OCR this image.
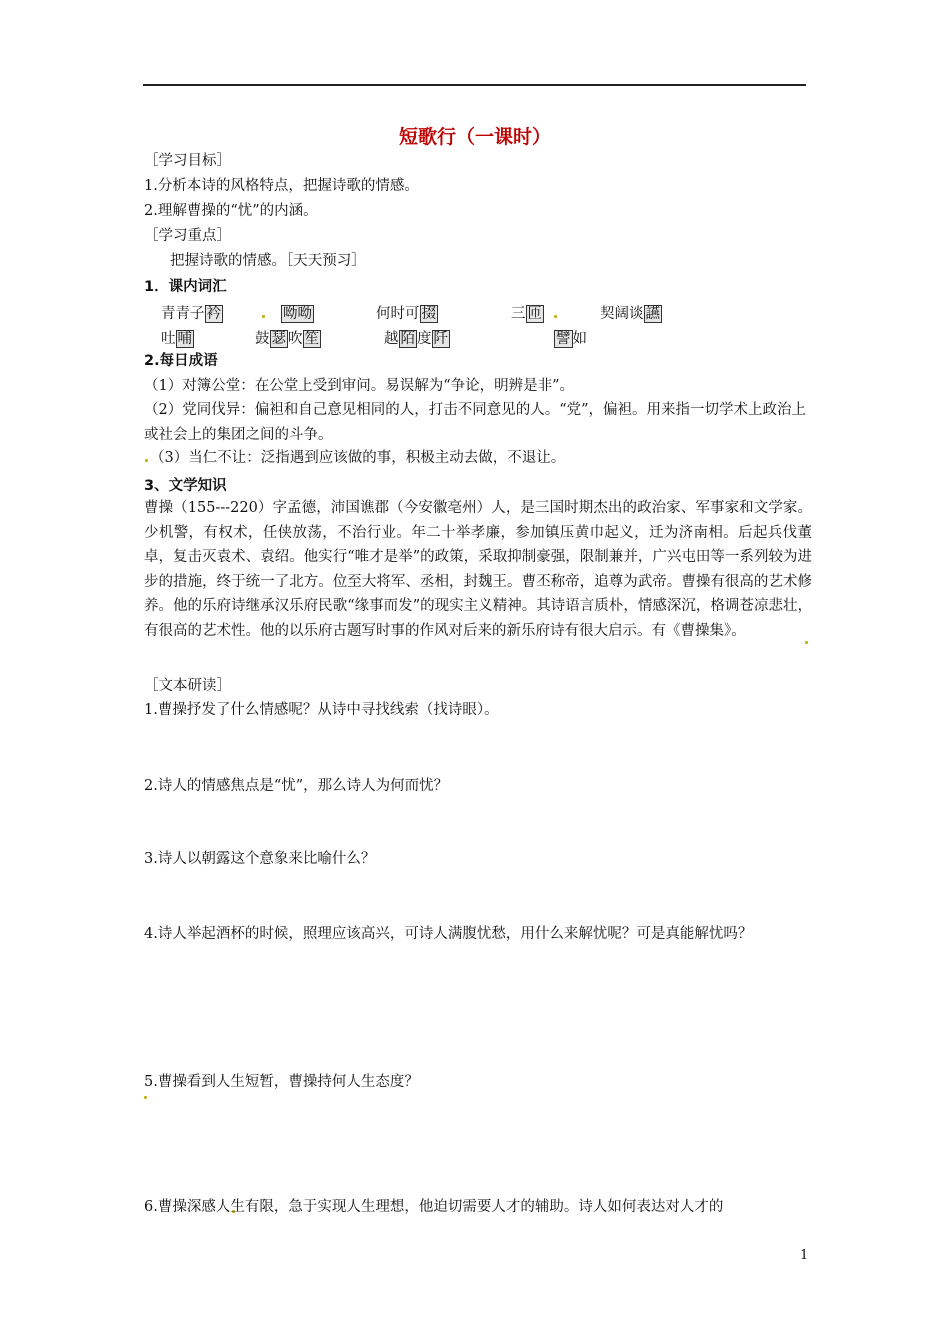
短歌行（一课时）
［学习目标］
1.分析本诗的风格特点，把握诗歌的情感。
2.理解曹操的“忧”的内涵。
［学习重点］
把握诗歌的情感。［天天预习］
1．课内词汇
青青子 衿	呦呦	何时可 掇	三 匝	契阔谈 讌
吐 哺	鼓 瑟 吹 笙	越 陌 度 阡	譬 如
2.每日成语
（1）对簿公堂：在公堂上受到审问。易误解为“争论，明辨是非”。
（2）党同伐异：偏袒和自己意见相同的人，打击不同意见的人。“党”，偏袒。用来指一切学术上政治上或社会上的集团之间的斗争。
（3）当仁不让：泛指遇到应该做的事，积极主动去做，不退让。
3、文学知识
曹操（155---220）字孟德，沛国谯郡（今安徽亳州）人，是三国时期杰出的政治家、军事家和文学家。少机警，有权术，任侠放荡，不治行业。年二十举孝廉，参加镇压黄巾起义，迁为济南相。后起兵伐董卓，复击灭袁术、袁绍。他实行“唯才是举”的政策，采取抑制豪强，限制兼并，广兴屯田等一系列较为进步的措施，终于统一了北方。位至大将军、丞相，封魏王。曹丕称帝，追尊为武帝。曹操有很高的艺术修养。他的乐府诗继承汉乐府民歌“缘事而发”的现实主义精神。其诗语言质朴，情感深沉，格调苍凉悲壮，有很高的艺术性。他的以乐府古题写时事的作风对后来的新乐府诗有很大启示。有《曹操集》。
［文本研读］
1.曹操抒发了什么情感呢？从诗中寻找线索（找诗眼）。
2.诗人的情感焦点是“忧”，那么诗人为何而忧？
3.诗人以朝露这个意象来比喻什么？
4.诗人举起酒杯的时候，照理应该高兴，可诗人满腹忧愁，用什么来解忧呢？可是真能解忧吗？
5.曹操看到人生短暂，曹操持何人生态度？
6.曹操深感人生有限，急于实现人生理想，他迫切需要人才的辅助。诗人如何表达对人才的
1
